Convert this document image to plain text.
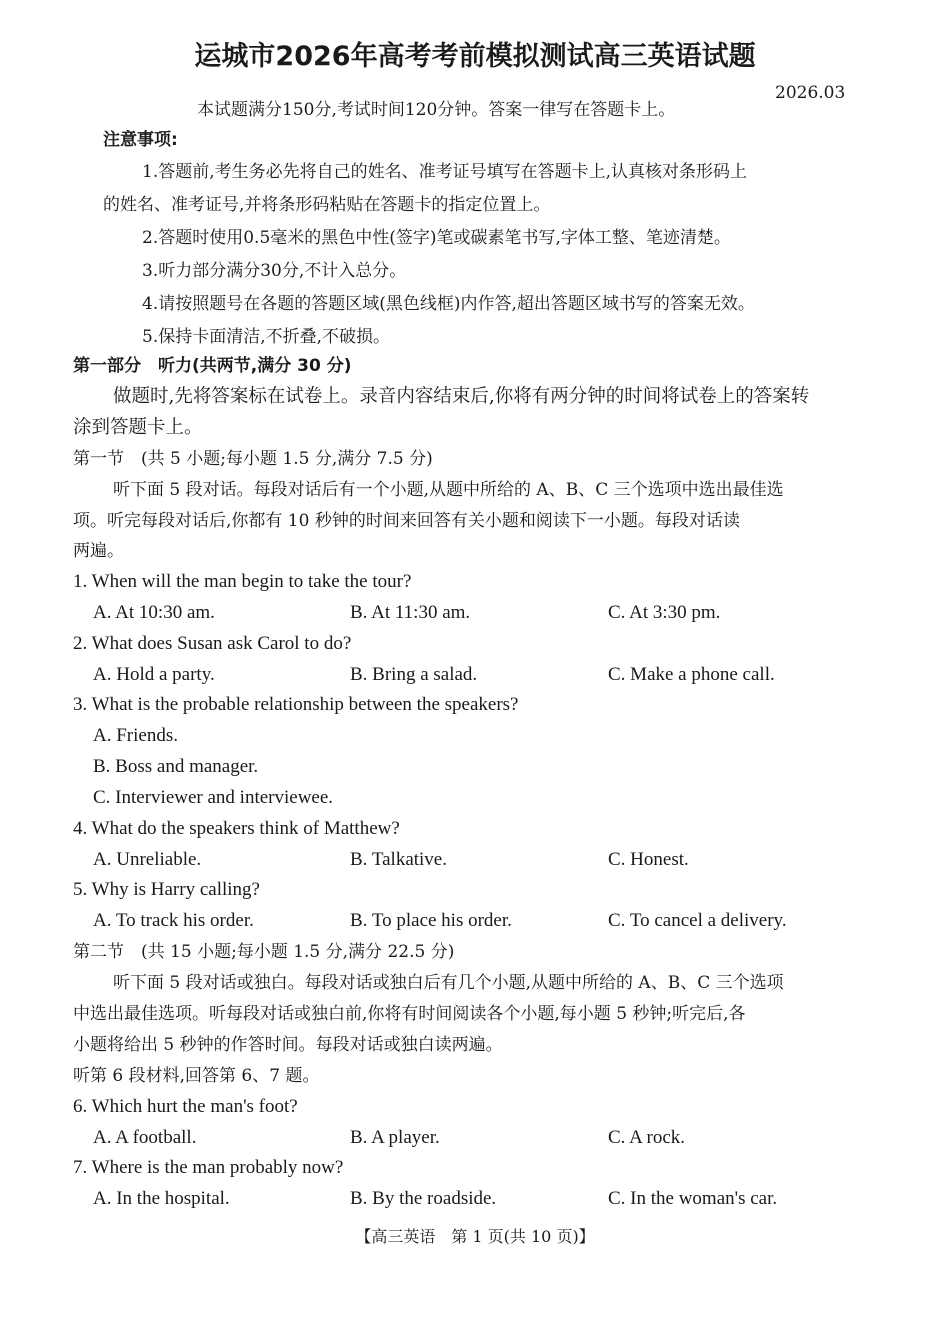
运城市2026年高考考前模拟测试高三英语试题
2026.03
本试题满分150分,考试时间120分钟。答案一律写在答题卡上。
注意事项:
1.答题前,考生务必先将自己的姓名、准考证号填写在答题卡上,认真核对条形码上
的姓名、准考证号,并将条形码粘贴在答题卡的指定位置上。
2.答题时使用0.5毫米的黑色中性(签字)笔或碳素笔书写,字体工整、笔迹清楚。
3.听力部分满分30分,不计入总分。
4.请按照题号在各题的答题区域(黑色线框)内作答,超出答题区域书写的答案无效。
5.保持卡面清洁,不折叠,不破损。
第一部分　听力(共两节,满分 30 分)
做题时,先将答案标在试卷上。录音内容结束后,你将有两分钟的时间将试卷上的答案转
涂到答题卡上。
第一节　(共 5 小题;每小题 1.5 分,满分 7.5 分)
听下面 5 段对话。每段对话后有一个小题,从题中所给的 A、B、C 三个选项中选出最佳选
项。听完每段对话后,你都有 10 秒钟的时间来回答有关小题和阅读下一小题。每段对话读
两遍。
1. When will the man begin to take the tour?
A. At 10:30 am.	B. At 11:30 am.	C. At 3:30 pm.
2. What does Susan ask Carol to do?
A. Hold a party.	B. Bring a salad.	C. Make a phone call.
3. What is the probable relationship between the speakers?
A. Friends.
B. Boss and manager.
C. Interviewer and interviewee.
4. What do the speakers think of Matthew?
A. Unreliable.	B. Talkative.	C. Honest.
5. Why is Harry calling?
A. To track his order.	B. To place his order.	C. To cancel a delivery.
第二节　(共 15 小题;每小题 1.5 分,满分 22.5 分)
听下面 5 段对话或独白。每段对话或独白后有几个小题,从题中所给的 A、B、C 三个选项
中选出最佳选项。听每段对话或独白前,你将有时间阅读各个小题,每小题 5 秒钟;听完后,各
小题将给出 5 秒钟的作答时间。每段对话或独白读两遍。
听第 6 段材料,回答第 6、7 题。
6. Which hurt the man's foot?
A. A football.	B. A player.	C. A rock.
7. Where is the man probably now?
A. In the hospital.	B. By the roadside.	C. In the woman's car.
【高三英语　第 1 页(共 10 页)】
